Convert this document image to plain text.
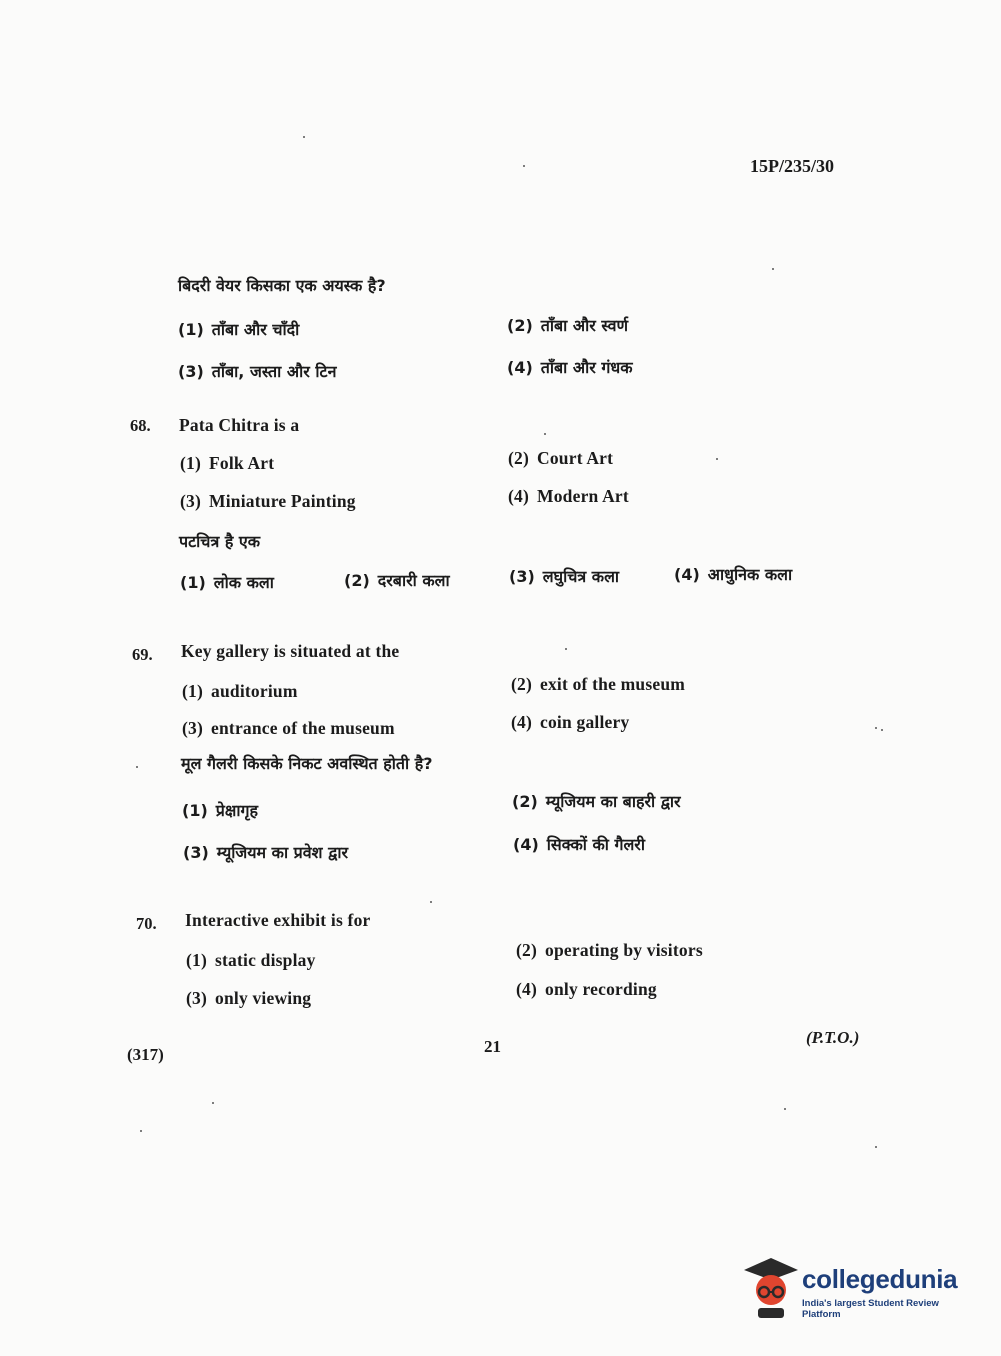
15P/235/30
बिदरी वेयर किसका एक अयस्क है?
(1) ताँबा और चाँदी	(2) ताँबा और स्वर्ण
(3) ताँबा, जस्ता और टिन	(4) ताँबा और गंधक
68. Pata Chitra is a
(1) Folk Art	(2) Court Art
(3) Miniature Painting	(4) Modern Art
पटचित्र है एक
(1) लोक कला	(2) दरबारी कला	(3) लघुचित्र कला	(4) आधुनिक कला
69. Key gallery is situated at the
(1) auditorium	(2) exit of the museum
(3) entrance of the museum	(4) coin gallery
मूल गैलरी किसके निकट अवस्थित होती है?
(1) प्रेक्षागृह	(2) म्यूजियम का बाहरी द्वार
(3) म्यूजियम का प्रवेश द्वार	(4) सिक्कों की गैलरी
70. Interactive exhibit is for
(1) static display	(2) operating by visitors
(3) only viewing	(4) only recording
(317)	21	(P.T.O.)
collegedunia
India's largest Student Review Platform
